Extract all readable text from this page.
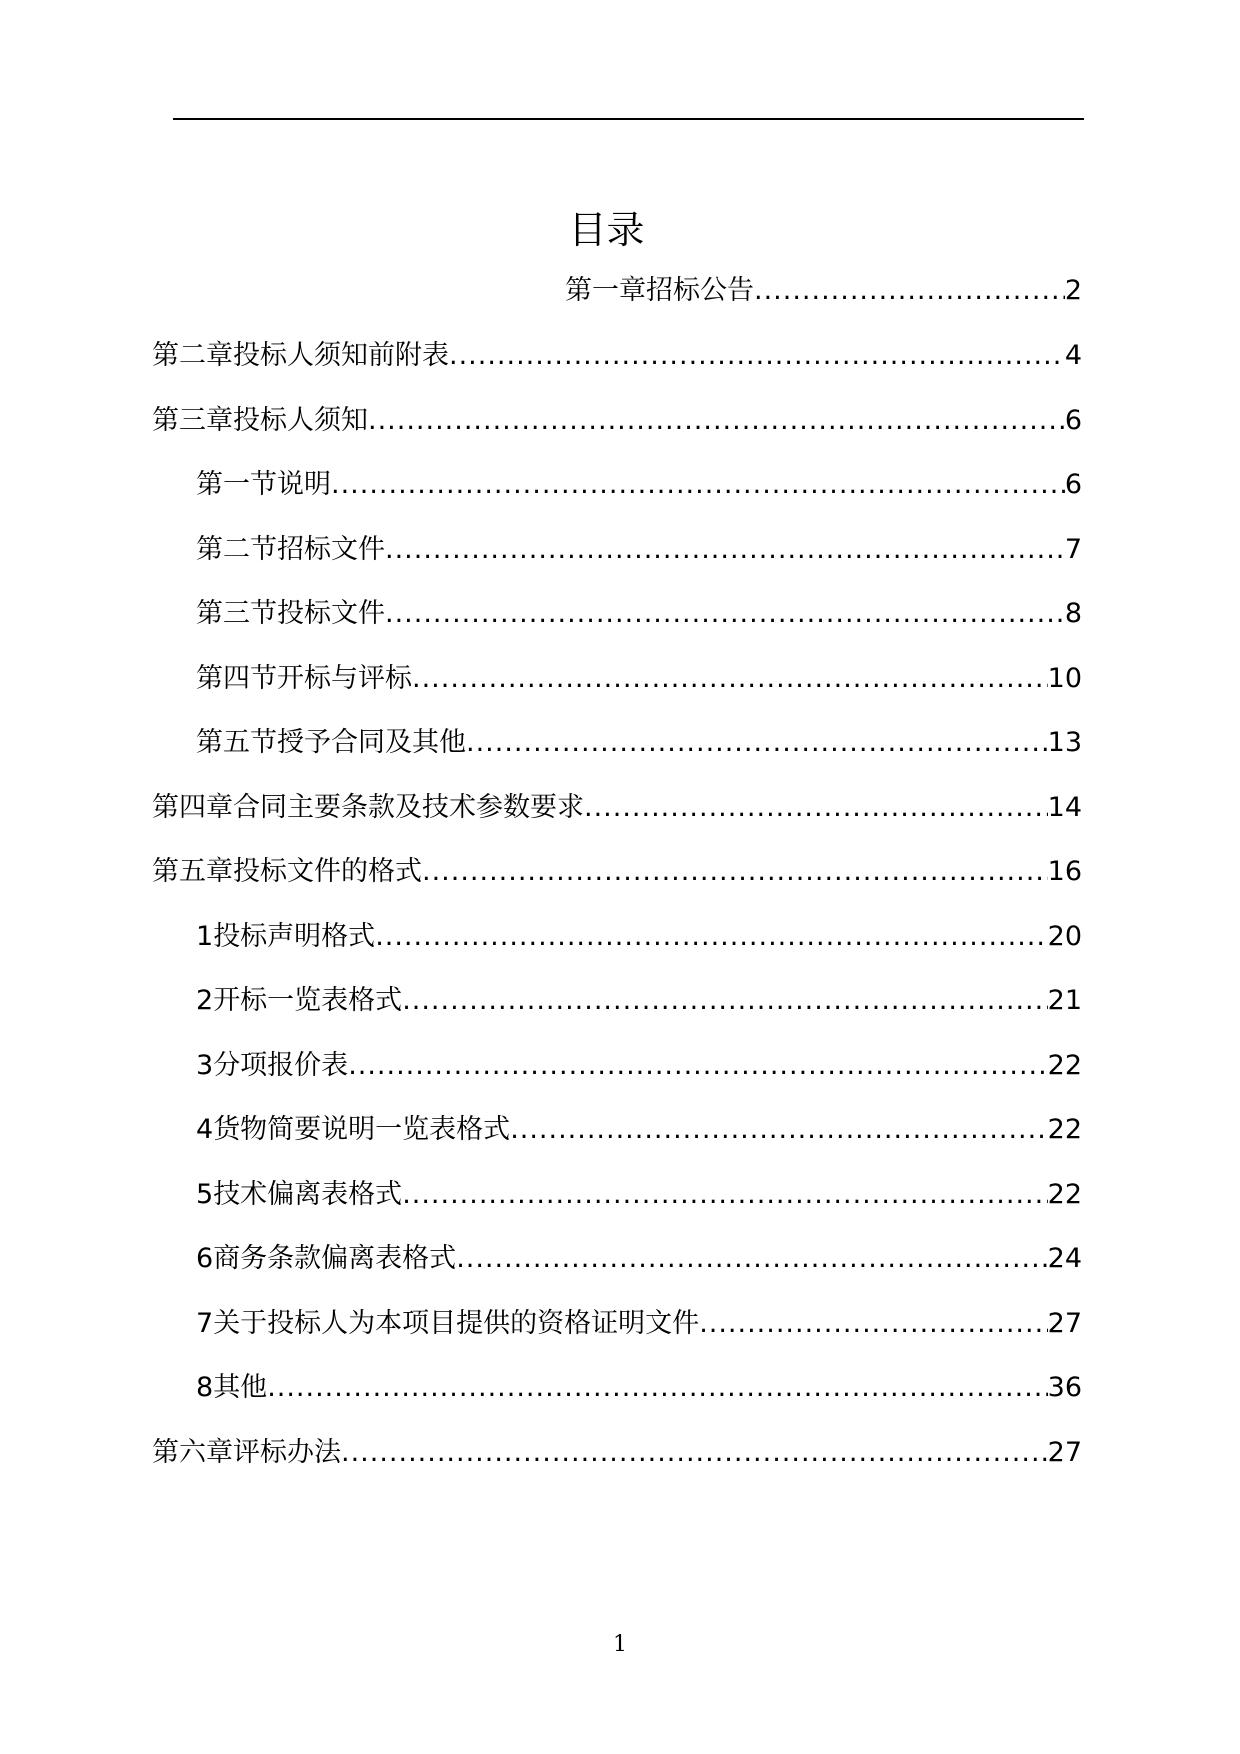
目录
第一章招标公告 .....	2
第二章投标人须知前附表 .....	4
第三章投标人须知 .....	6
第一节说明 .....	6
第二节招标文件 .....	7
第三节投标文件 .....	8
第四节开标与评标 .....	10
第五节授予合同及其他 .....	13
第四章合同主要条款及技术参数要求 .....	14
第五章投标文件的格式 .....	16
1 投标声明格式 .....	20
2 开标一览表格式 .....	21
3 分项报价表 .....	22
4 货物简要说明一览表格式 .....	22
5 技术偏离表格式 .....	22
6 商务条款偏离表格式 .....	24
7 关于投标人为本项目提供的资格证明文件 .....	27
8 其他 .....	36
第六章评标办法 .....	27
1
